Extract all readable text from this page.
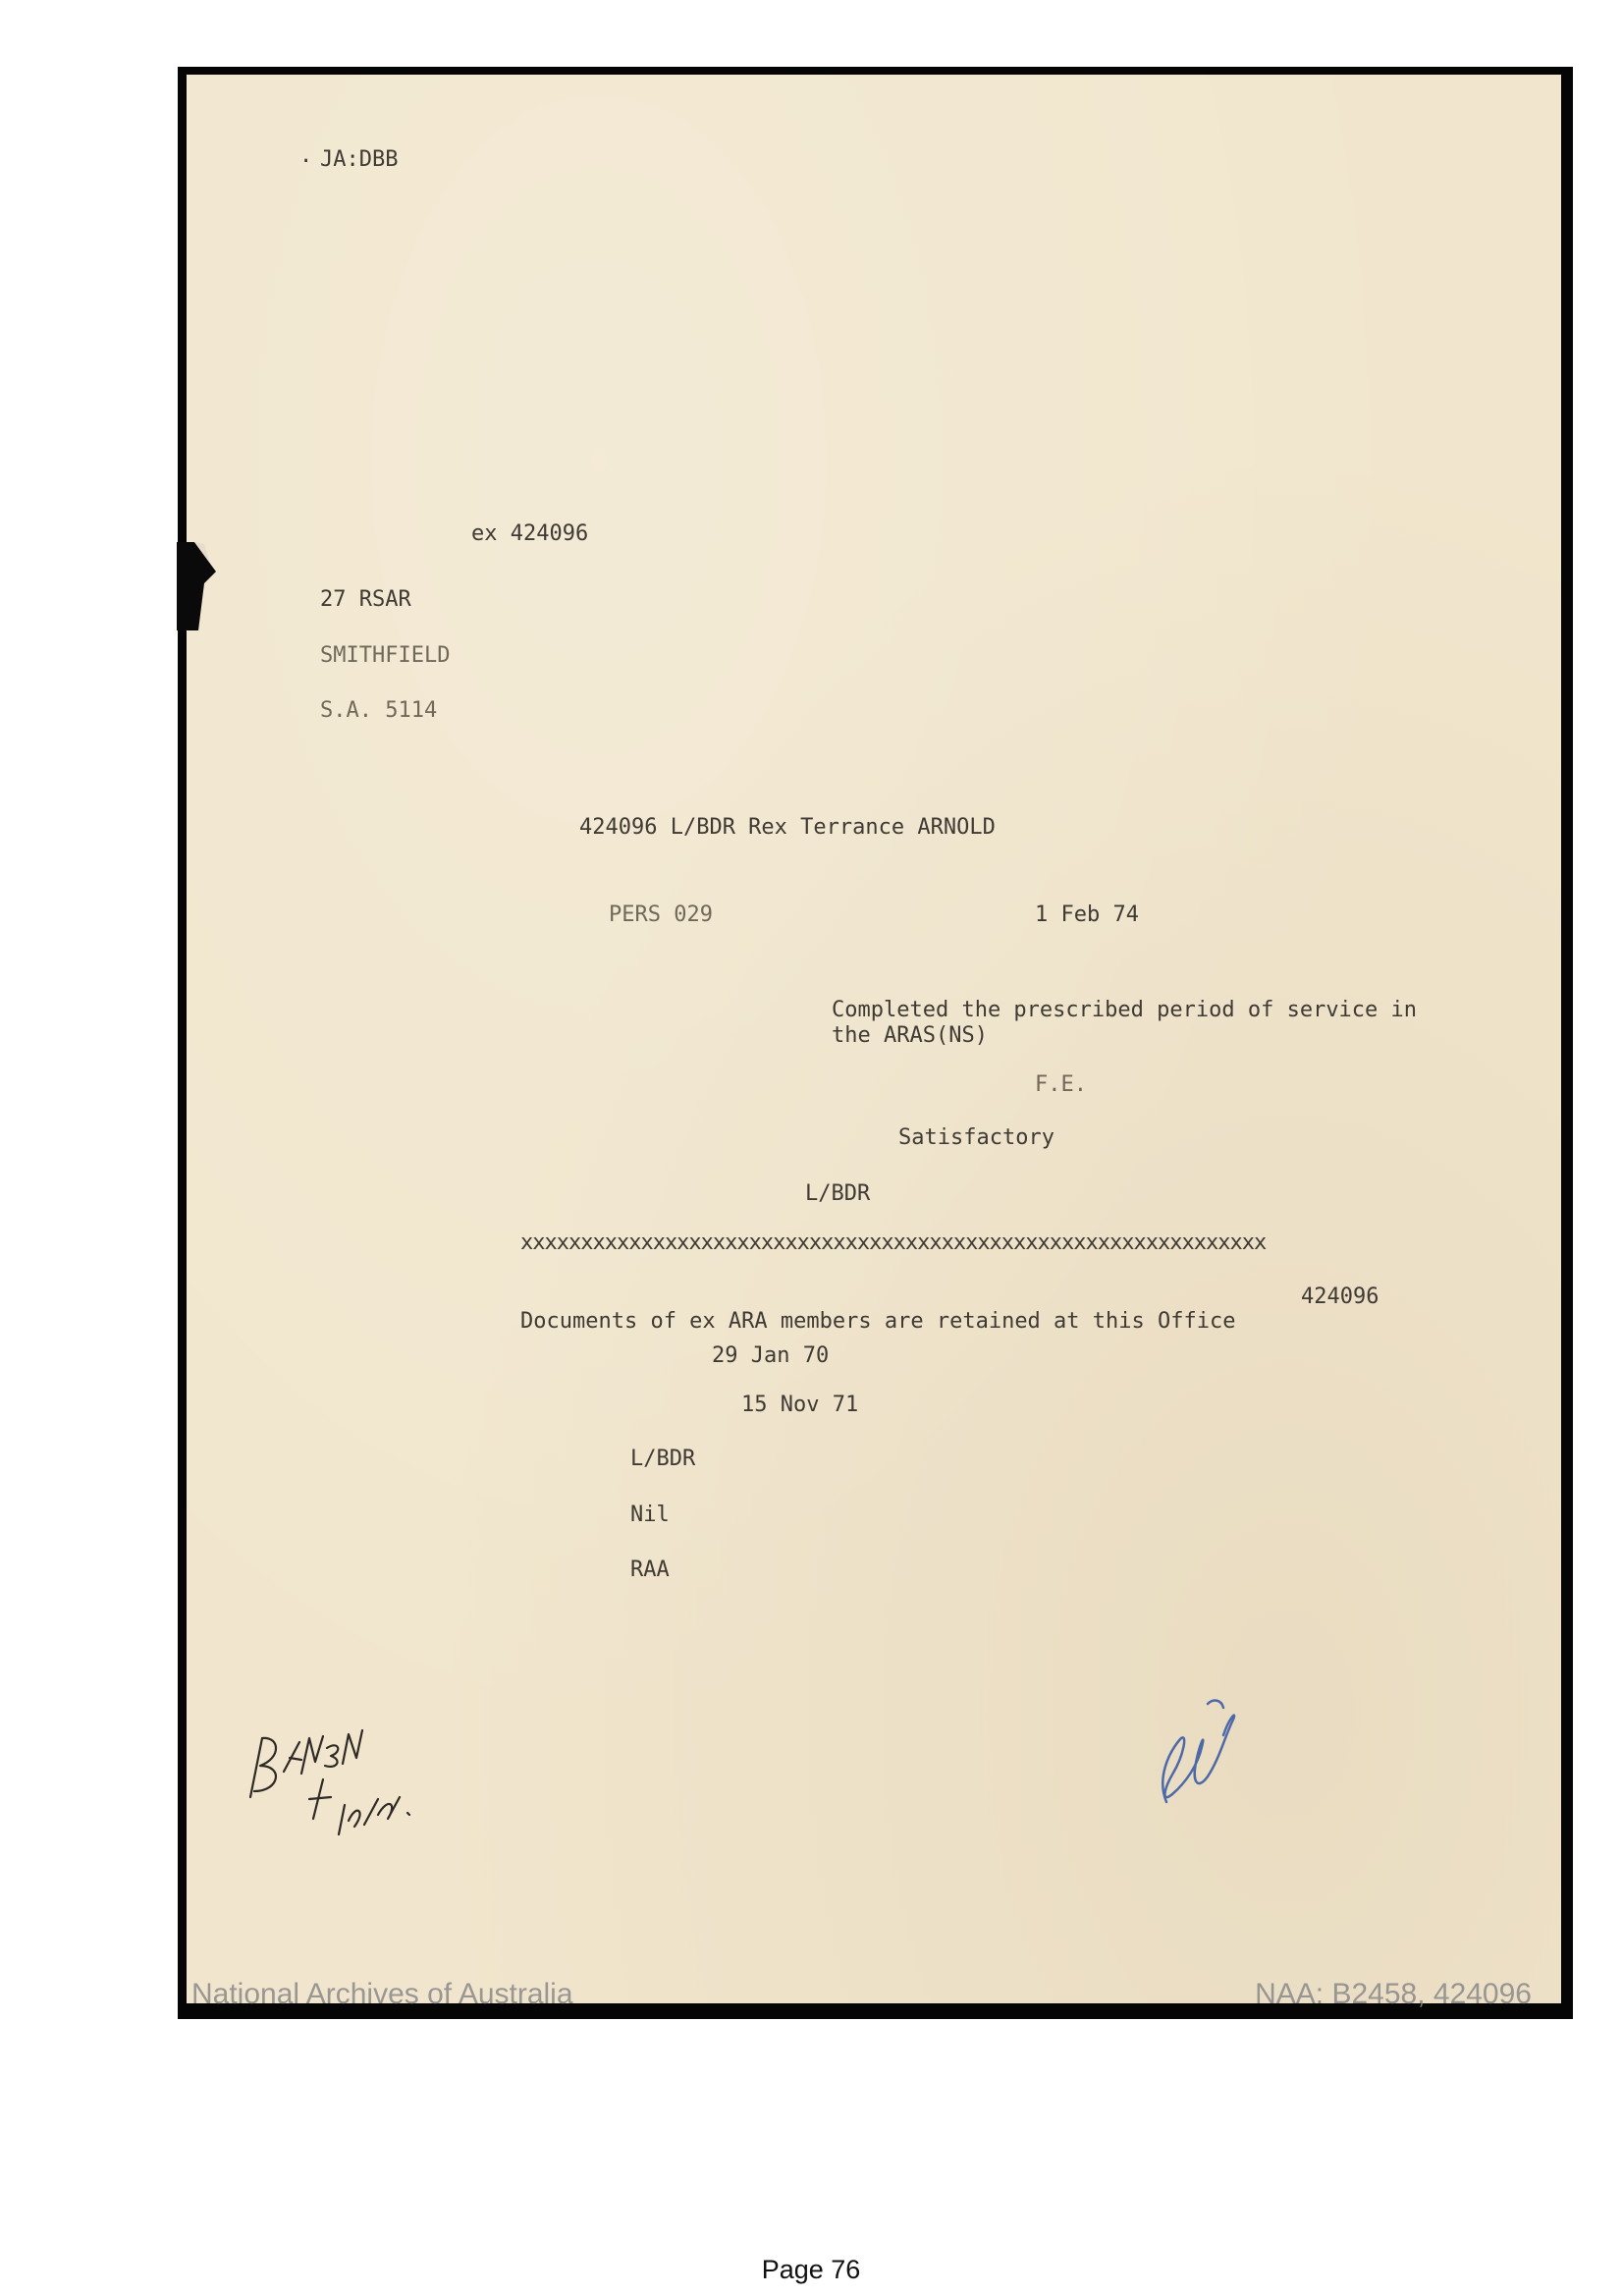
· JA:DBB
ex 424096
27 RSAR
SMITHFIELD
S.A. 5114
424096 L/BDR Rex Terrance ARNOLD
PERS 029	1 Feb 74
Completed the prescribed period of service in
the ARAS(NS)
F.E.
Satisfactory
L/BDR
xxxxxxxxxxxxxxxxxxxxxxxxxxxxxxxxxxxxxxxxxxxxxxxxxxxxxxxxxxxxxx
424096
Documents of ex ARA members are retained at this Office
29 Jan 70
15 Nov 71
L/BDR
Nil
RAA
National Archives of Australia	NAA: B2458, 424096
Page 76
